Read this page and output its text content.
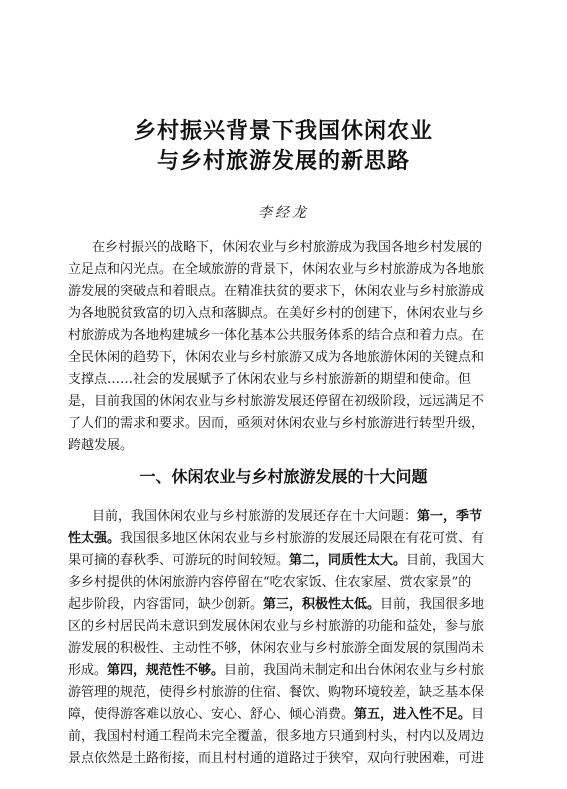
乡村振兴背景下我国休闲农业
与乡村旅游发展的新思路
李经龙
在乡村振兴的战略下，休闲农业与乡村旅游成为我国各地乡村发展的
立足点和闪光点。在全域旅游的背景下，休闲农业与乡村旅游成为各地旅
游发展的突破点和着眼点。在精准扶贫的要求下，休闲农业与乡村旅游成
为各地脱贫致富的切入点和落脚点。在美好乡村的创建下，休闲农业与乡
村旅游成为各地构建城乡一体化基本公共服务体系的结合点和着力点。在
全民休闲的趋势下，休闲农业与乡村旅游又成为各地旅游休闲的关键点和
支撑点……社会的发展赋予了休闲农业与乡村旅游新的期望和使命。但
是，目前我国的休闲农业与乡村旅游发展还停留在初级阶段，远远满足不
了人们的需求和要求。因而，亟须对休闲农业与乡村旅游进行转型升级，
跨越发展。
一、休闲农业与乡村旅游发展的十大问题
目前，我国休闲农业与乡村旅游的发展还存在十大问题：第一，季节
性太强。我国很多地区休闲农业与乡村旅游的发展还局限在有花可赏、有
果可摘的春秋季、可游玩的时间较短。第二，同质性太大。目前，我国大
多乡村提供的休闲旅游内容停留在“吃农家饭、住农家屋、赏农家景”的
起步阶段，内容雷同，缺少创新。第三，积极性太低。目前，我国很多地
区的乡村居民尚未意识到发展休闲农业与乡村旅游的功能和益处，参与旅
游发展的积极性、主动性不够，休闲农业与乡村旅游全面发展的氛围尚未
形成。第四，规范性不够。目前，我国尚未制定和出台休闲农业与乡村旅
游管理的规范，使得乡村旅游的住宿、餐饮、购物环境较差，缺乏基本保
障，使得游客难以放心、安心、舒心、倾心消费。第五，进入性不足。目
前，我国村村通工程尚未完全覆盖，很多地方只通到村头，村内以及周边
景点依然是土路衔接，而且村村通的道路过于狭窄，双向行驶困难，可进
